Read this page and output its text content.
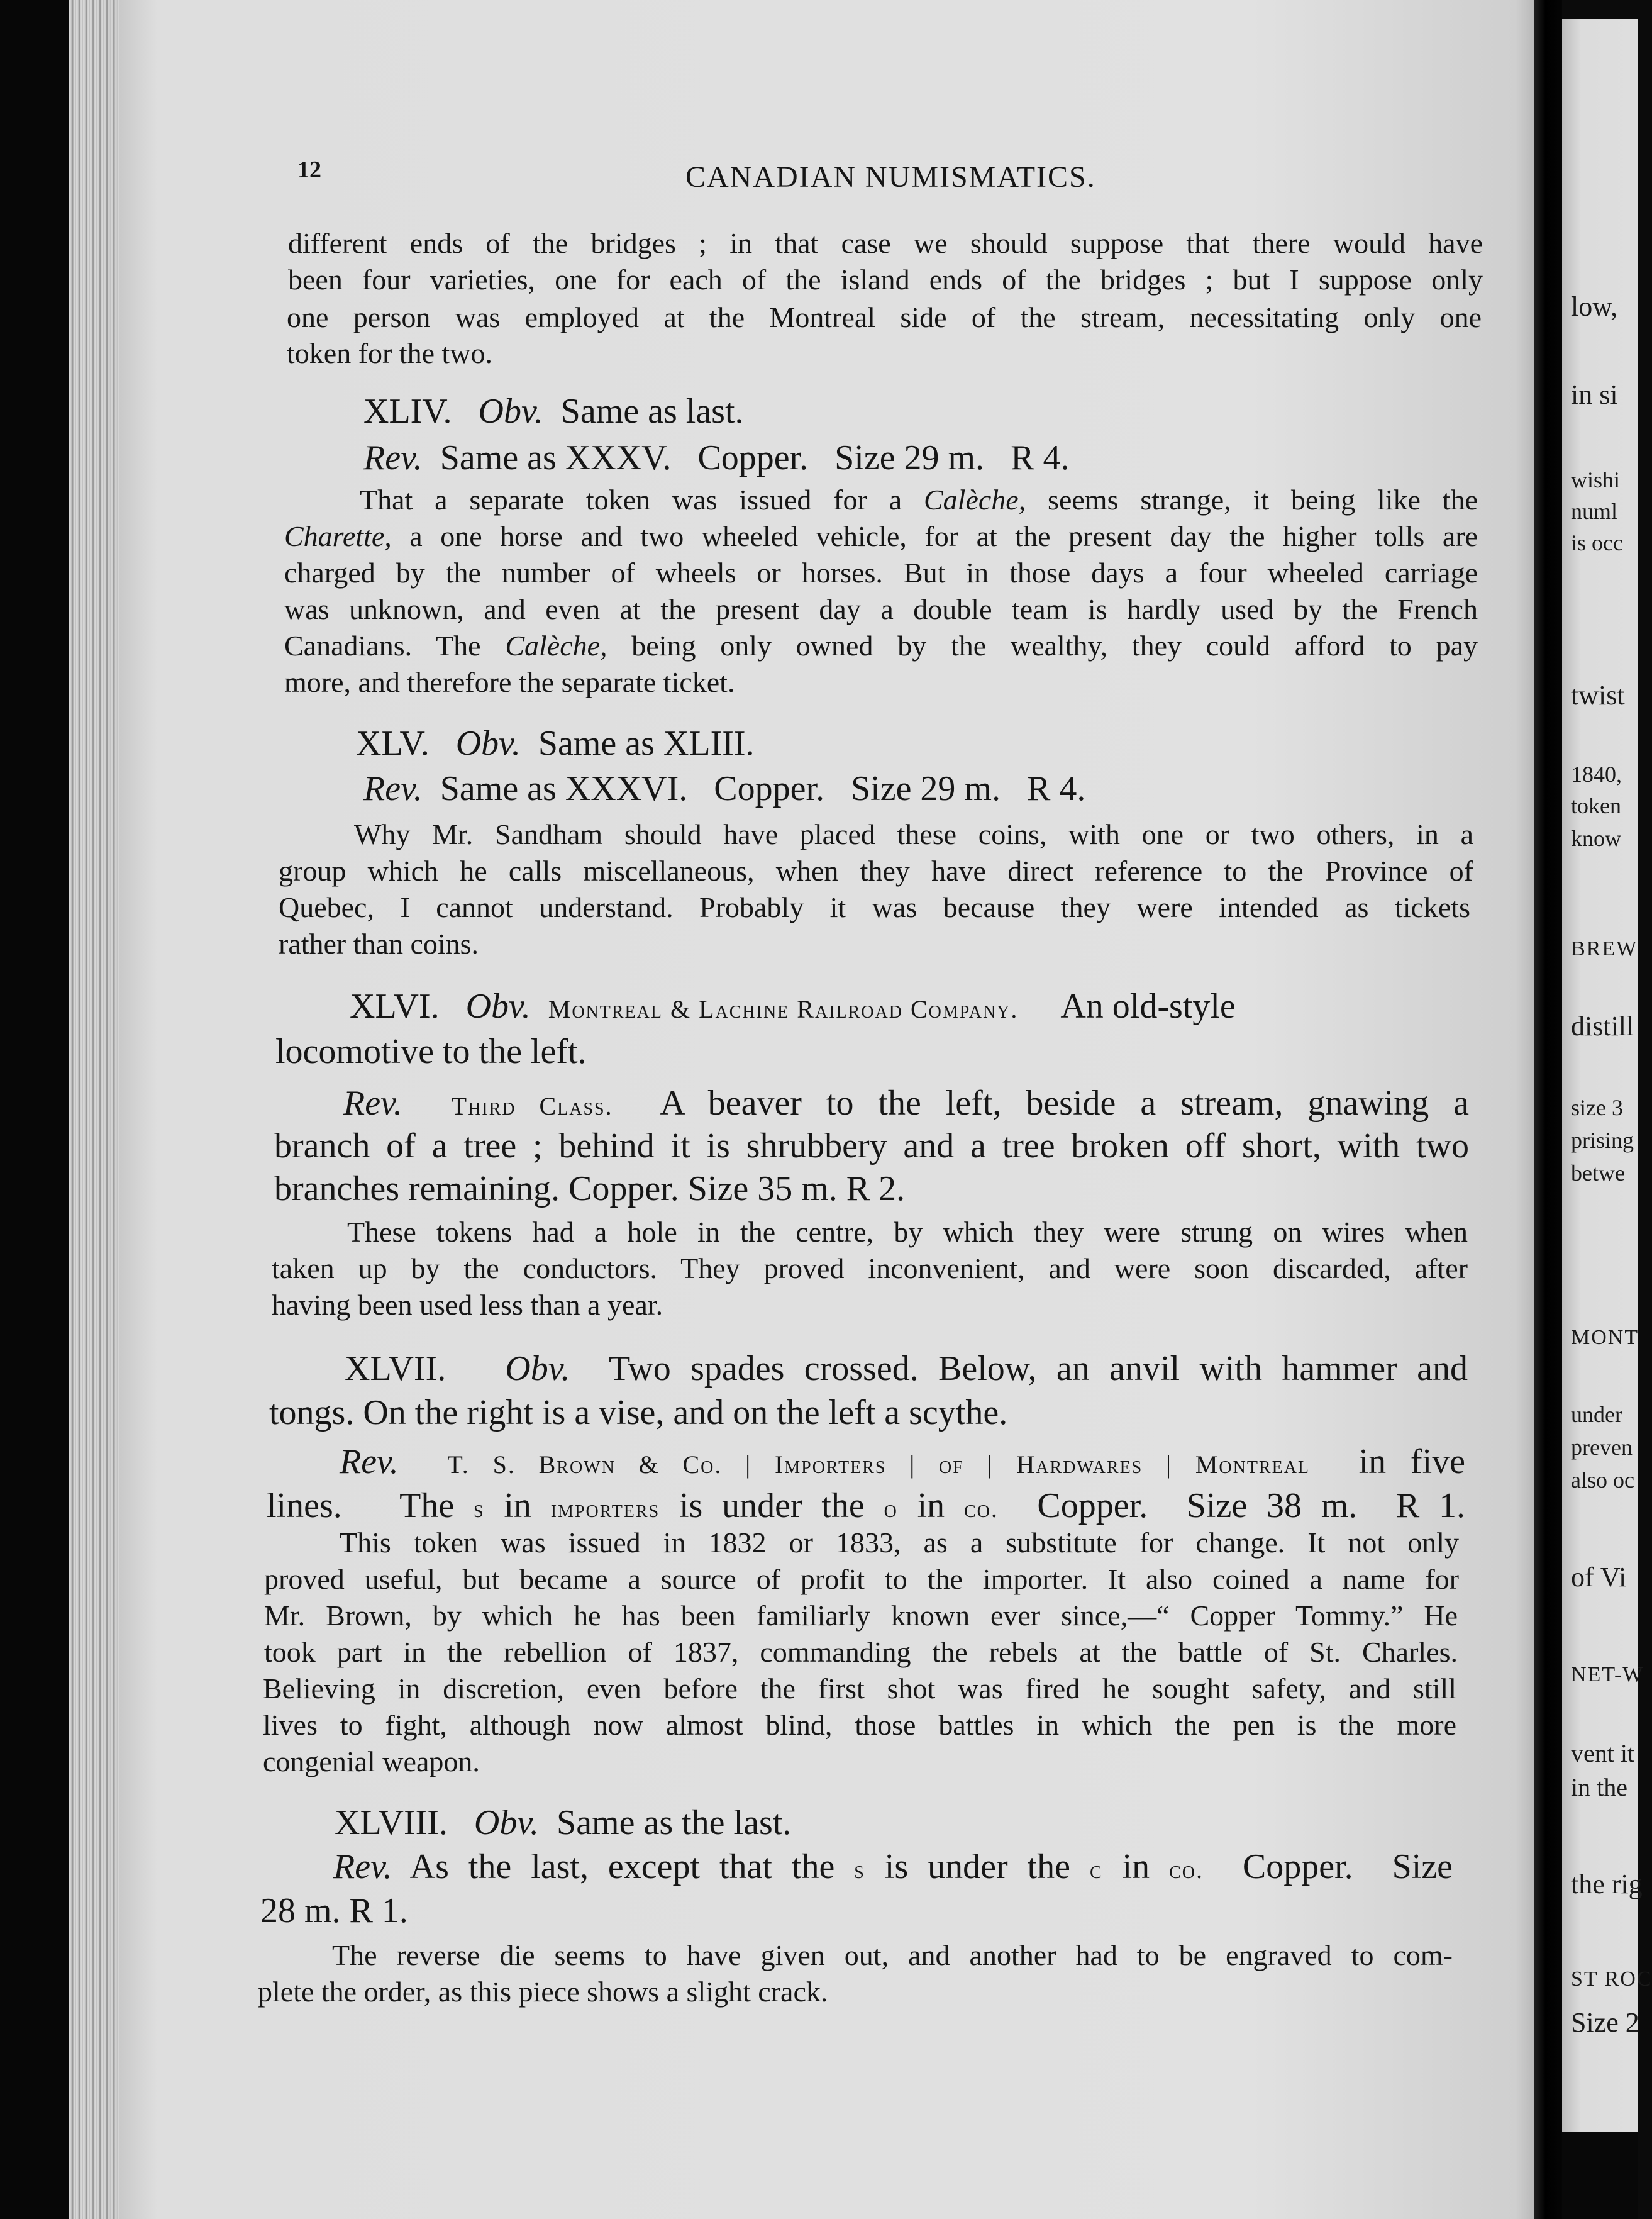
12	CANADIAN NUMISMATICS.
different ends of the bridges ; in that case we should suppose that there would have
been four varieties, one for each of the island ends of the bridges ; but I suppose only
one person was employed at the Montreal side of the stream, necessitating only one
token for the two.
XLIV. Obv. Same as last.
Rev. Same as XXXV.   Copper.   Size 29 m.   R 4.
That a separate token was issued for a Calèche, seems strange, it being like the
Charette, a one horse and two wheeled vehicle, for at the present day the higher tolls are
charged by the number of wheels or horses. But in those days a four wheeled carriage
was unknown, and even at the present day a double team is hardly used by the French
Canadians. The Calèche, being only owned by the wealthy, they could afford to pay
more, and therefore the separate ticket.
XLV. Obv. Same as XLIII.
Rev. Same as XXXVI.   Copper.   Size 29 m.   R 4.
Why Mr. Sandham should have placed these coins, with one or two others, in a
group which he calls miscellaneous, when they have direct reference to the Province of
Quebec, I cannot understand. Probably it was because they were intended as tickets
rather than coins.
XLVI. Obv. Montreal & Lachine Railroad Company. An old-style
locomotive to the left.
Rev. Third Class. A beaver to the left, beside a stream, gnawing a
branch of a tree ; behind it is shrubbery and a tree broken off short, with two
branches remaining. Copper. Size 35 m. R 2.
These tokens had a hole in the centre, by which they were strung on wires when
taken up by the conductors. They proved inconvenient, and were soon discarded, after
having been used less than a year.
XLVII. Obv. Two spades crossed. Below, an anvil with hammer and
tongs. On the right is a vise, and on the left a scythe.
Rev. T. S. Brown & Co. | Importers | of | Hardwares | Montreal in five
lines.   The s in importers is under the o in co.  Copper.  Size 38 m.  R 1.
This token was issued in 1832 or 1833, as a substitute for change. It not only
proved useful, but became a source of profit to the importer. It also coined a name for
Mr. Brown, by which he has been familiarly known ever since,—“ Copper Tommy.” He
took part in the rebellion of 1837, commanding the rebels at the battle of St. Charles.
Believing in discretion, even before the first shot was fired he sought safety, and still
lives to fight, although now almost blind, those battles in which the pen is the more
congenial weapon.
XLVIII. Obv. Same as the last.
Rev. As the last, except that the s is under the c in co.  Copper.  Size
28 m. R 1.
The reverse die seems to have given out, and another had to be engraved to com-
plete the order, as this piece shows a slight crack.
low,
in si
wishi
numl
is occ
twist
1840,
token
know
BREW
distill
size 3
prising
betwe
MONT
under
preven
also oc
of Vi
NET-W
vent it
in the
the rig
ST ROC
Size 2
